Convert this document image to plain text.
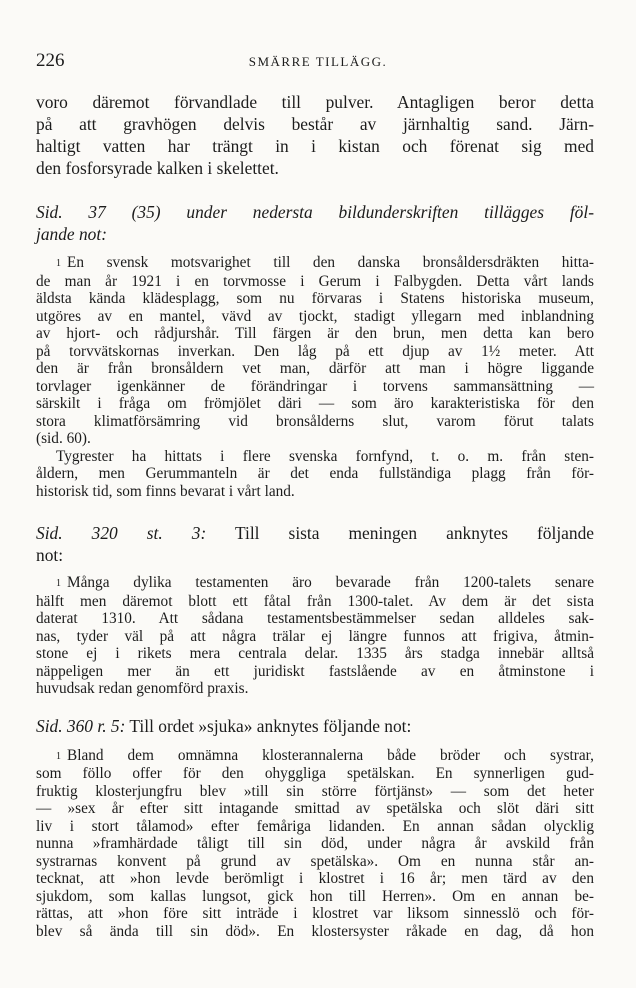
226	SMÄRRE TILLÄGG.
voro däremot förvandlade till pulver. Antagligen beror detta
på att gravhögen delvis består av järnhaltig sand. Järn-
haltigt vatten har trängt in i kistan och förenat sig med
den fosforsyrade kalken i skelettet.
Sid. 37 (35) under nedersta bildunderskriften tillägges föl-
jande not:
1 En svensk motsvarighet till den danska bronsåldersdräkten hitta-
de man år 1921 i en torvmosse i Gerum i Falbygden. Detta vårt lands
äldsta kända klädesplagg, som nu förvaras i Statens historiska museum,
utgöres av en mantel, vävd av tjockt, stadigt yllegarn med inblandning
av hjort- och rådjurshår. Till färgen är den brun, men detta kan bero
på torvvätskornas inverkan. Den låg på ett djup av 1½ meter. Att
den är från bronsåldern vet man, därför att man i högre liggande
torvlager igenkänner de förändringar i torvens sammansättning —
särskilt i fråga om frömjölet däri — som äro karakteristiska för den
stora klimatförsämring vid bronsålderns slut, varom förut talats
(sid. 60).
Tygrester ha hittats i flere svenska fornfynd, t. o. m. från sten-
åldern, men Gerummanteln är det enda fullständiga plagg från för-
historisk tid, som finns bevarat i vårt land.
Sid. 320 st. 3: Till sista meningen anknytes följande
not:
1 Många dylika testamenten äro bevarade från 1200-talets senare
hälft men däremot blott ett fåtal från 1300-talet. Av dem är det sista
daterat 1310. Att sådana testamentsbestämmelser sedan alldeles sak-
nas, tyder väl på att några trälar ej längre funnos att frigiva, åtmin-
stone ej i rikets mera centrala delar. 1335 års stadga innebär alltså
näppeligen mer än ett juridiskt fastslående av en åtminstone i
huvudsak redan genomförd praxis.
Sid. 360 r. 5: Till ordet »sjuka» anknytes följande not:
1 Bland dem omnämna klosterannalerna både bröder och systrar,
som föllo offer för den ohyggliga spetälskan. En synnerligen gud-
fruktig klosterjungfru blev »till sin större förtjänst» — som det heter
— »sex år efter sitt intagande smittad av spetälska och slöt däri sitt
liv i stort tålamod» efter femåriga lidanden. En annan sådan olycklig
nunna »framhärdade tåligt till sin död, under några år avskild från
systrarnas konvent på grund av spetälska». Om en nunna står an-
tecknat, att »hon levde berömligt i klostret i 16 år; men tärd av den
sjukdom, som kallas lungsot, gick hon till Herren». Om en annan be-
rättas, att »hon före sitt inträde i klostret var liksom sinnesslö och för-
blev så ända till sin död». En klostersyster råkade en dag, då hon
